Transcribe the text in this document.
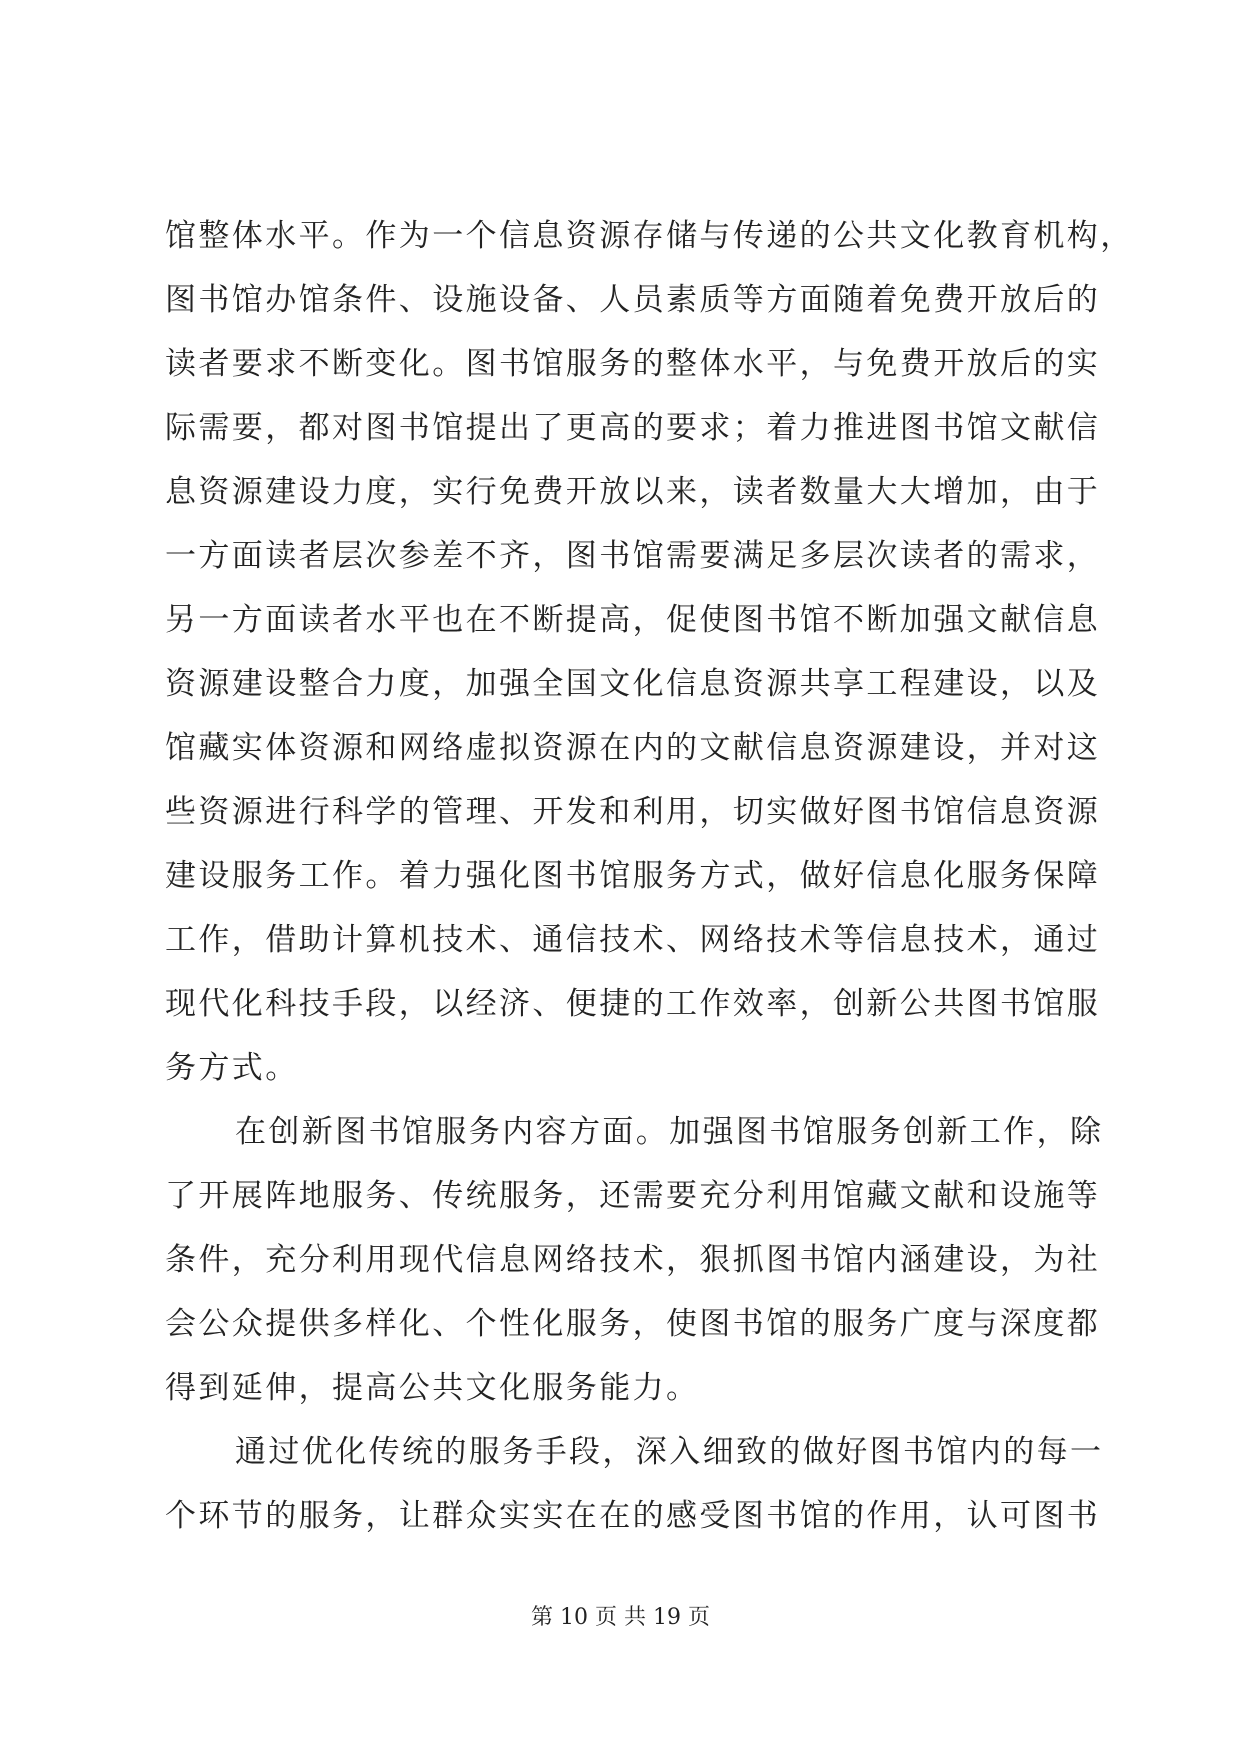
馆整体水平。作为一个信息资源存储与传递的公共文化教育机构，
图书馆办馆条件、设施设备、人员素质等方面随着免费开放后的
读者要求不断变化。图书馆服务的整体水平，与免费开放后的实
际需要，都对图书馆提出了更高的要求；着力推进图书馆文献信
息资源建设力度，实行免费开放以来，读者数量大大增加，由于
一方面读者层次参差不齐，图书馆需要满足多层次读者的需求，
另一方面读者水平也在不断提高，促使图书馆不断加强文献信息
资源建设整合力度，加强全国文化信息资源共享工程建设，以及
馆藏实体资源和网络虚拟资源在内的文献信息资源建设，并对这
些资源进行科学的管理、开发和利用，切实做好图书馆信息资源
建设服务工作。着力强化图书馆服务方式，做好信息化服务保障
工作，借助计算机技术、通信技术、网络技术等信息技术，通过
现代化科技手段，以经济、便捷的工作效率，创新公共图书馆服
务方式。
在创新图书馆服务内容方面。加强图书馆服务创新工作，除
了开展阵地服务、传统服务，还需要充分利用馆藏文献和设施等
条件，充分利用现代信息网络技术，狠抓图书馆内涵建设，为社
会公众提供多样化、个性化服务，使图书馆的服务广度与深度都
得到延伸，提高公共文化服务能力。
通过优化传统的服务手段，深入细致的做好图书馆内的每一
个环节的服务，让群众实实在在的感受图书馆的作用，认可图书
第 10 页 共 19 页
